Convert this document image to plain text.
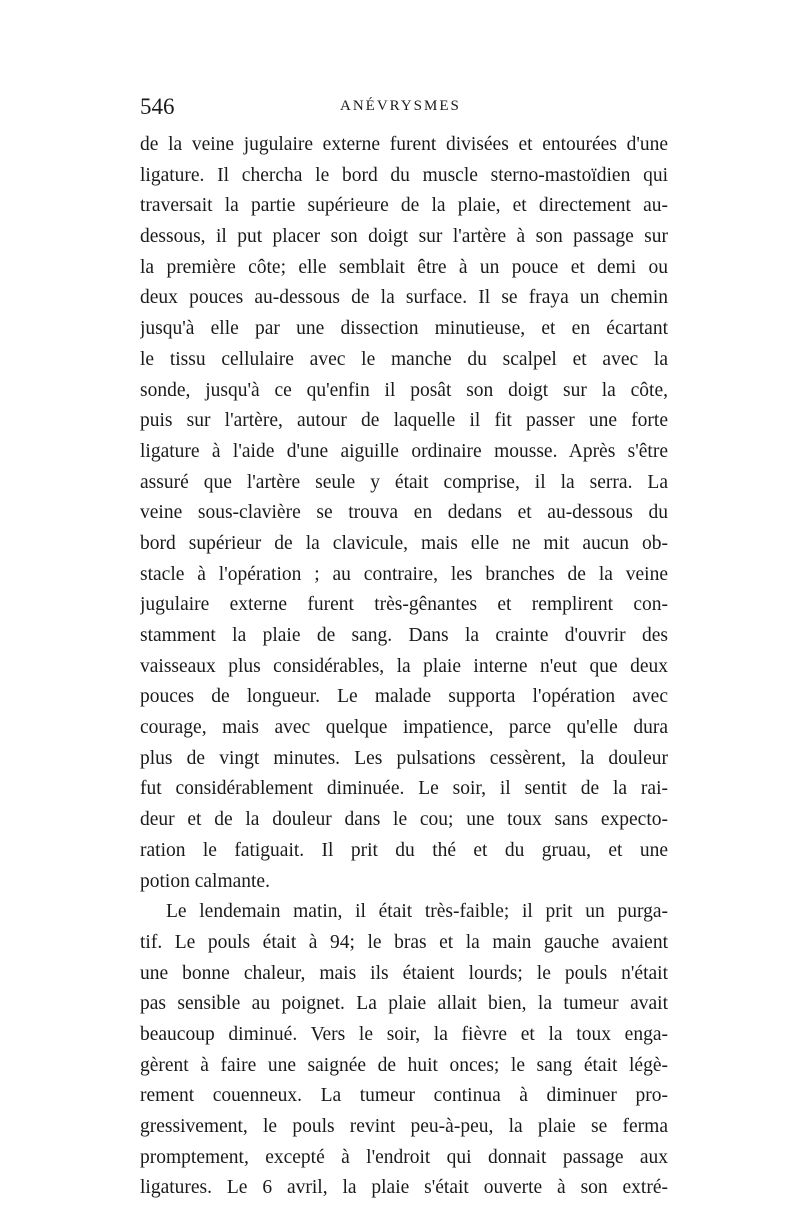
546	ANÉVRYSMES
de la veine jugulaire externe furent divisées et entourées d'une
ligature. Il chercha le bord du muscle sterno-mastoïdien qui
traversait la partie supérieure de la plaie, et directement au-
dessous, il put placer son doigt sur l'artère à son passage sur
la première côte; elle semblait être à un pouce et demi ou
deux pouces au-dessous de la surface. Il se fraya un chemin
jusqu'à elle par une dissection minutieuse, et en écartant
le tissu cellulaire avec le manche du scalpel et avec la
sonde, jusqu'à ce qu'enfin il posât son doigt sur la côte,
puis sur l'artère, autour de laquelle il fit passer une forte
ligature à l'aide d'une aiguille ordinaire mousse. Après s'être
assuré que l'artère seule y était comprise, il la serra. La
veine sous-clavière se trouva en dedans et au-dessous du
bord supérieur de la clavicule, mais elle ne mit aucun ob-
stacle à l'opération ; au contraire, les branches de la veine
jugulaire externe furent très-gênantes et remplirent con-
stamment la plaie de sang. Dans la crainte d'ouvrir des
vaisseaux plus considérables, la plaie interne n'eut que deux
pouces de longueur. Le malade supporta l'opération avec
courage, mais avec quelque impatience, parce qu'elle dura
plus de vingt minutes. Les pulsations cessèrent, la douleur
fut considérablement diminuée. Le soir, il sentit de la rai-
deur et de la douleur dans le cou; une toux sans expecto-
ration le fatiguait. Il prit du thé et du gruau, et une
potion calmante.
Le lendemain matin, il était très-faible; il prit un purga-
tif. Le pouls était à 94; le bras et la main gauche avaient
une bonne chaleur, mais ils étaient lourds; le pouls n'était
pas sensible au poignet. La plaie allait bien, la tumeur avait
beaucoup diminué. Vers le soir, la fièvre et la toux enga-
gèrent à faire une saignée de huit onces; le sang était légè-
rement couenneux. La tumeur continua à diminuer pro-
gressivement, le pouls revint peu-à-peu, la plaie se ferma
promptement, excepté à l'endroit qui donnait passage aux
ligatures. Le 6 avril, la plaie s'était ouverte à son extré-
